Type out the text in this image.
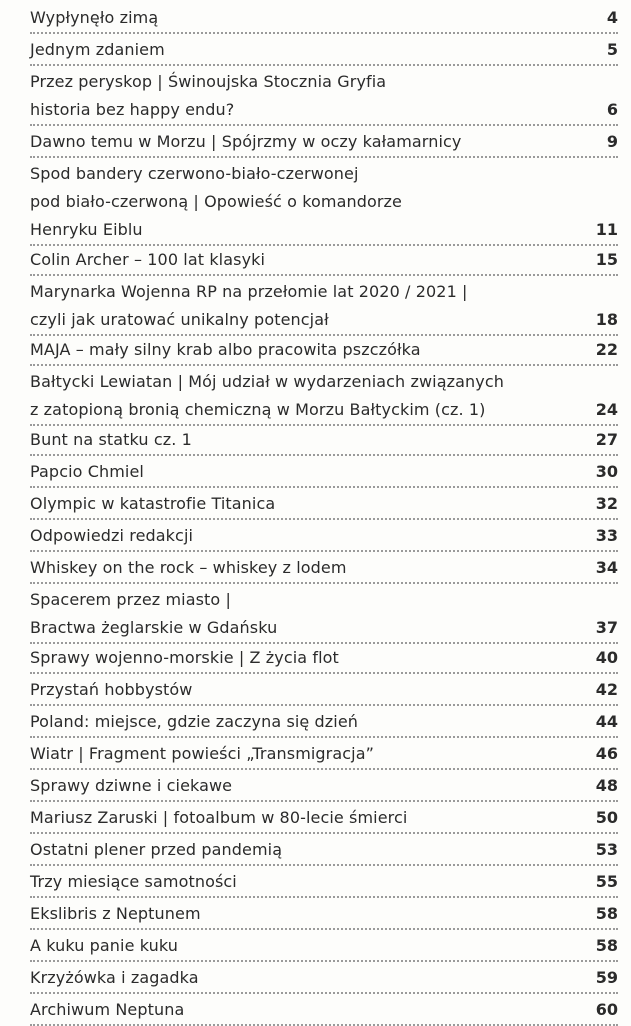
Wypłynęło zimą	4
Jednym zdaniem	5
Przez peryskop | Świnoujska Stocznia Gryfia
historia bez happy endu?	6
Dawno temu w Morzu | Spójrzmy w oczy kałamarnicy	9
Spod bandery czerwono-biało-czerwonej
pod biało-czerwoną | Opowieść o komandorze
Henryku Eiblu	11
Colin Archer – 100 lat klasyki	15
Marynarka Wojenna RP na przełomie lat 2020 / 2021 |
czyli jak uratować unikalny potencjał	18
MAJA – mały silny krab albo pracowita pszczółka	22
Bałtycki Lewiatan | Mój udział w wydarzeniach związanych
z zatopioną bronią chemiczną w Morzu Bałtyckim (cz. 1)	24
Bunt na statku cz. 1	27
Papcio Chmiel	30
Olympic w katastrofie Titanica	32
Odpowiedzi redakcji	33
Whiskey on the rock – whiskey z lodem	34
Spacerem przez miasto |
Bractwa żeglarskie w Gdańsku	37
Sprawy wojenno-morskie | Z życia flot	40
Przystań hobbystów	42
Poland: miejsce, gdzie zaczyna się dzień	44
Wiatr | Fragment powieści „Transmigracja”	46
Sprawy dziwne i ciekawe	48
Mariusz Zaruski | fotoalbum w 80-lecie śmierci	50
Ostatni plener przed pandemią	53
Trzy miesiące samotności	55
Ekslibris z Neptunem	58
A kuku panie kuku	58
Krzyżówka i zagadka	59
Archiwum Neptuna	60
